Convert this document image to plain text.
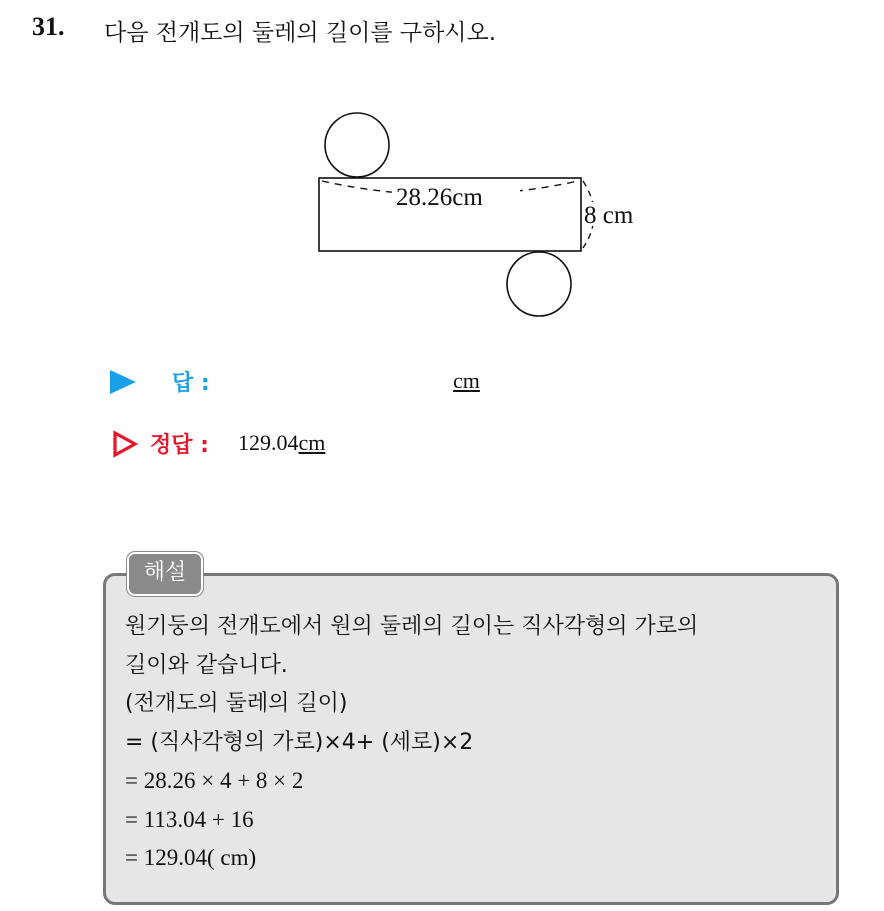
31. 다음 전개도의 둘레의 길이를 구하시오.
28.26cm
8 cm
답 :	cm
정답 : 129.04cm
해설
원기둥의 전개도에서 원의 둘레의 길이는 직사각형의 가로의
길이와 같습니다.
(전개도의 둘레의 길이)
= (직사각형의 가로)×4+ (세로)×2
= 28.26 × 4 + 8 × 2
= 113.04 + 16
= 129.04( cm)
